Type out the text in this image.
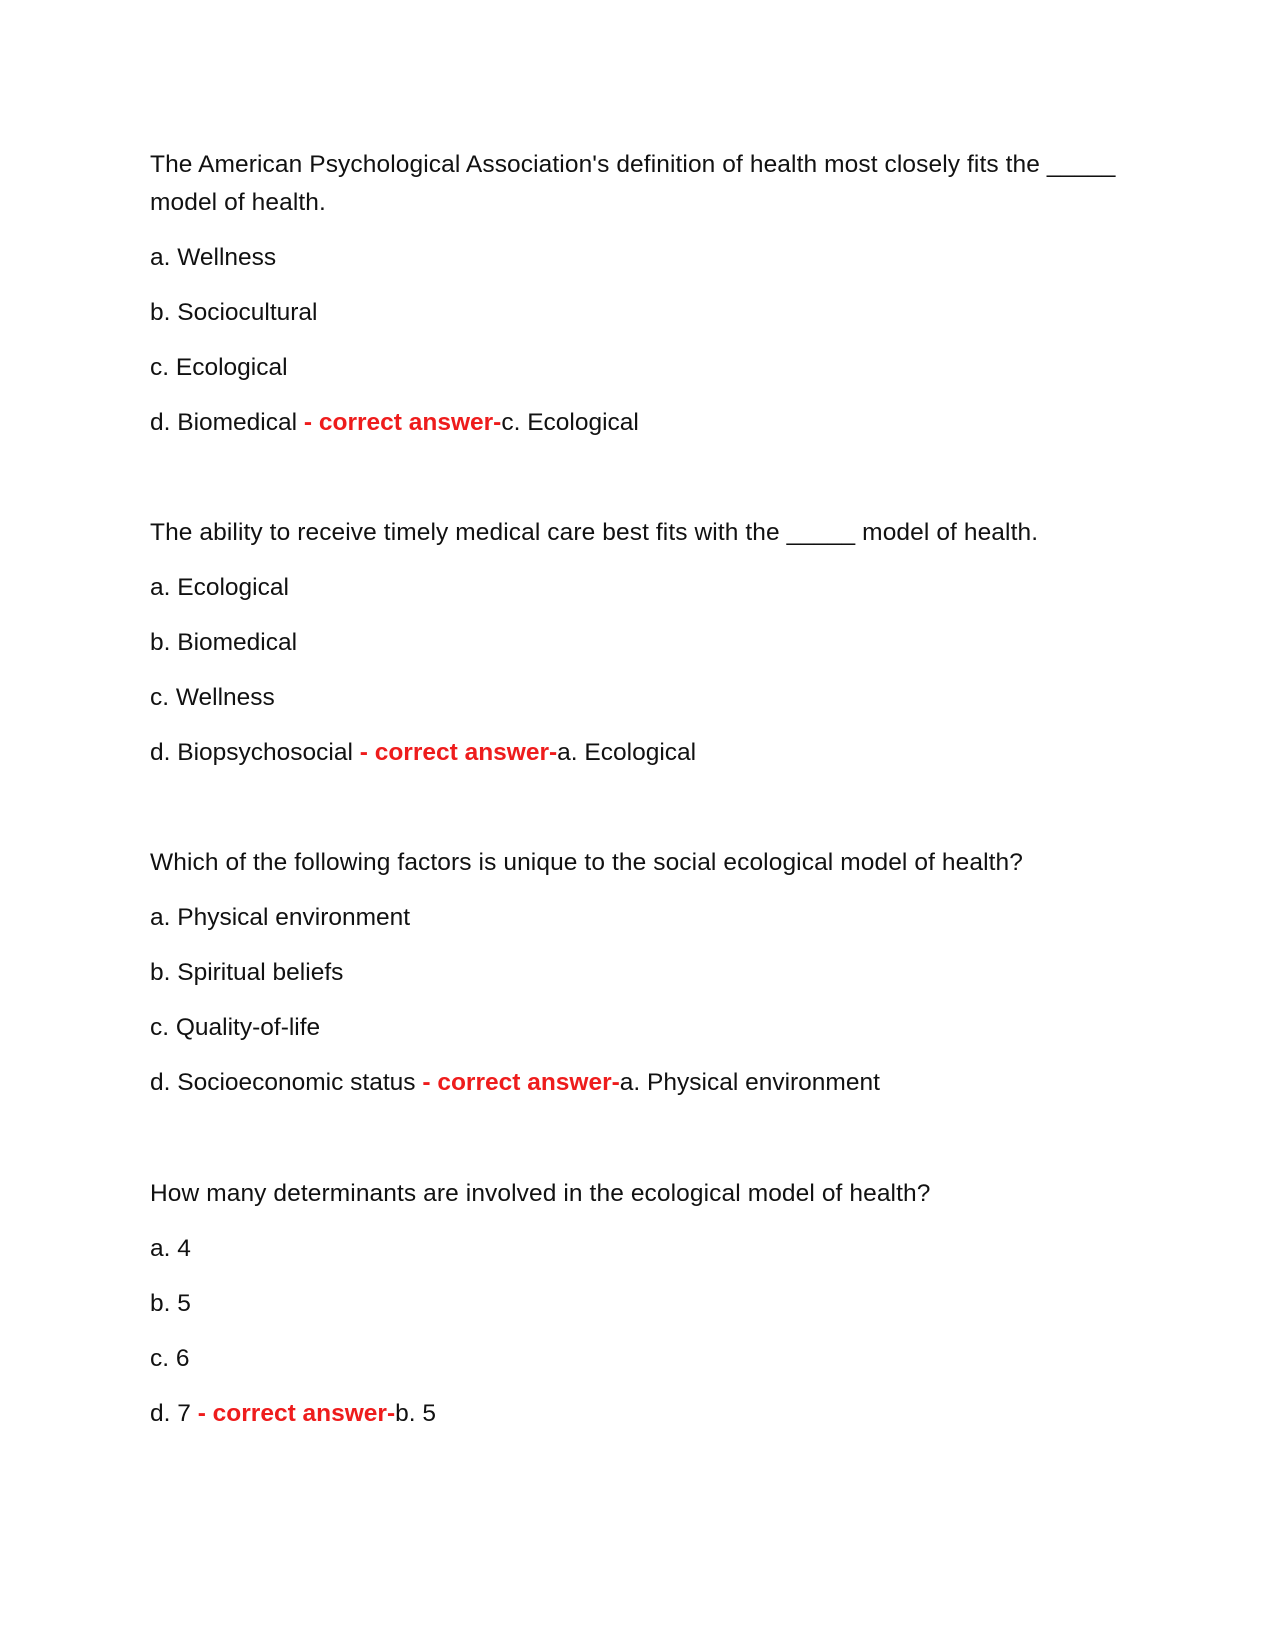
The American Psychological Association's definition of health most closely fits the _____ model of health.
a. Wellness
b. Sociocultural
c. Ecological
d. Biomedical - correct answer-c. Ecological
The ability to receive timely medical care best fits with the _____ model of health.
a. Ecological
b. Biomedical
c. Wellness
d. Biopsychosocial - correct answer-a. Ecological
Which of the following factors is unique to the social ecological model of health?
a. Physical environment
b. Spiritual beliefs
c. Quality-of-life
d. Socioeconomic status - correct answer-a. Physical environment
How many determinants are involved in the ecological model of health?
a. 4
b. 5
c. 6
d. 7 - correct answer-b. 5
